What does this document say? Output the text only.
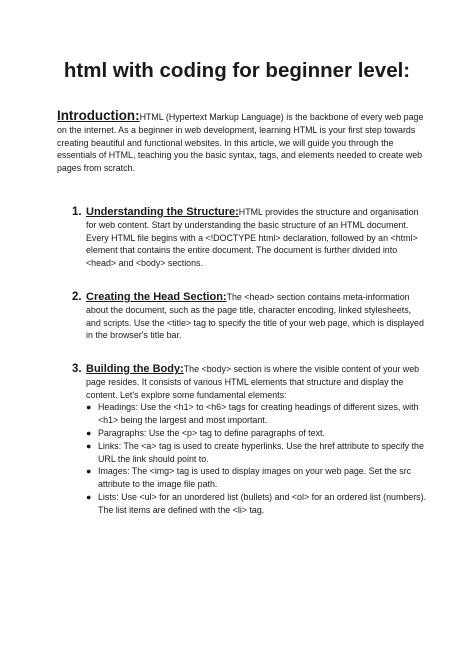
html with coding for beginner level:

Introduction:HTML (Hypertext Markup Language) is the backbone of every web page on the internet. As a beginner in web development, learning HTML is your first step towards creating beautiful and functional websites. In this article, we will guide you through the essentials of HTML, teaching you the basic syntax, tags, and elements needed to create web pages from scratch.

1. Understanding the Structure: HTML provides the structure and organisation

for web content. Start by understanding the basic structure of an HTML document. Every HTML file begins with a <!DOCTYPE html> declaration, followed by an <html> element that contains the entire document. The document is further divided into <head> and <body> sections.

2. Creating the Head Section: The <head> section contains meta-information

about the document, such as the page title, character encoding, linked stylesheets, and scripts. Use the <title> tag to specify the title of your web page, which is displayed in the browser's title bar.

3. Building the Body: The <body> section is where the visible content of your web

page resides. It consists of various HTML elements that structure and display the content. Let's explore some fundamental elements:

● Headings: Use the <h1> to <h6> tags for creating headings of different sizes, with <h1> being the largest and most important.
● Paragraphs: Use the <p> tag to define paragraphs of text.
● Links: The <a> tag is used to create hyperlinks. Use the href attribute to specify the URL the link should point to.
● Images: The <img> tag is used to display images on your web page. Set the src attribute to the image file path.
● Lists: Use <ul> for an unordered list (bullets) and <ol> for an ordered list (numbers). The list items are defined with the <li> tag.
